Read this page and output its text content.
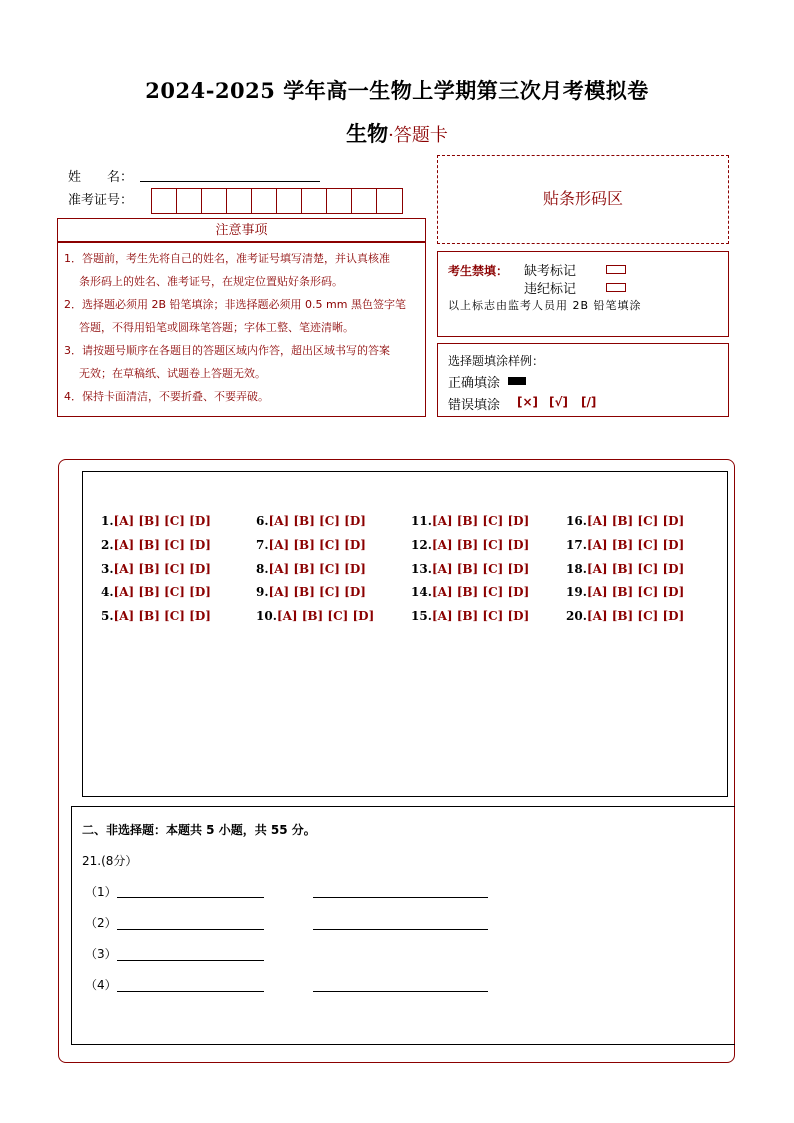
2024-2025 学年高一生物上学期第三次月考模拟卷
生物·答题卡
姓　　名：
准考证号：
注意事项

1．答题前，考生先将自己的姓名，准考证号填写清楚，并认真核准

条形码上的姓名、准考证号，在规定位置贴好条形码。

2．选择题必须用 2B 铅笔填涂；非选择题必须用 0.5 mm 黑色签字笔

答题，不得用铅笔或圆珠笔答题；字体工整、笔迹清晰。

3．请按题号顺序在各题目的答题区域内作答，超出区域书写的答案

无效；在草稿纸、试题卷上答题无效。

4．保持卡面清洁，不要折叠、不要弄破。

贴条形码区
考生禁填： 缺考标记
违纪标记
以上标志由监考人员用 2B 铅笔填涂
选择题填涂样例：
正确填涂
错误填涂 [×] [√] [/]
1.[A] [B] [C] [D]
2.[A] [B] [C] [D]
3.[A] [B] [C] [D]
4.[A] [B] [C] [D]
5.[A] [B] [C] [D]
6.[A] [B] [C] [D]
7.[A] [B] [C] [D]
8.[A] [B] [C] [D]
9.[A] [B] [C] [D]
10.[A] [B] [C] [D]
11.[A] [B] [C] [D]
12.[A] [B] [C] [D]
13.[A] [B] [C] [D]
14.[A] [B] [C] [D]
15.[A] [B] [C] [D]
16.[A] [B] [C] [D]
17.[A] [B] [C] [D]
18.[A] [B] [C] [D]
19.[A] [B] [C] [D]
20.[A] [B] [C] [D]
二、非选择题：本题共 5 小题，共 55 分。
21.(8分）
（1）
（2）
（3）
（4）
